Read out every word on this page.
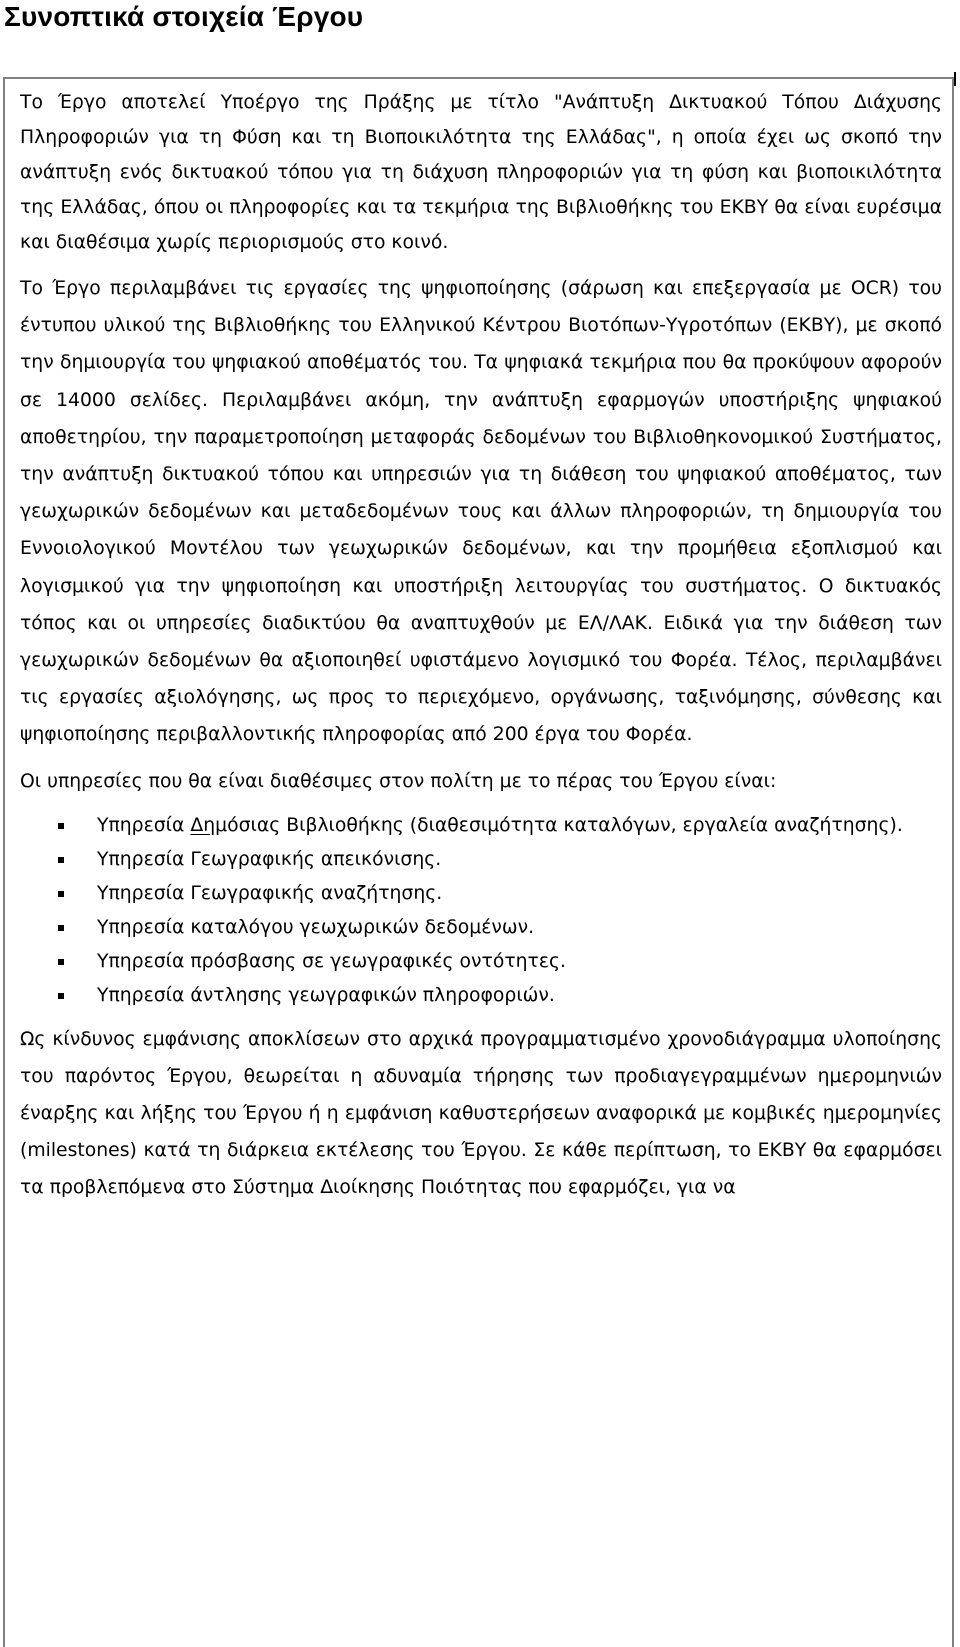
Συνοπτικά στοιχεία Έργου

Το Έργο αποτελεί Υποέργο της Πράξης με τίτλο "Ανάπτυξη Δικτυακού Τόπου Διάχυσης Πληροφοριών για τη Φύση και τη Βιοποικιλότητα της Ελλάδας", η οποία έχει ως σκοπό την ανάπτυξη ενός δικτυακού τόπου για τη διάχυση πληροφοριών για τη φύση και βιοποικιλότητα της Ελλάδας, όπου οι πληροφορίες και τα τεκμήρια της Βιβλιοθήκης του ΕΚΒΥ θα είναι ευρέσιμα και διαθέσιμα χωρίς περιορισμούς στο κοινό.

Το Έργο περιλαμβάνει τις εργασίες της ψηφιοποίησης (σάρωση και επεξεργασία με OCR) του έντυπου υλικού της Βιβλιοθήκης του Ελληνικού Κέντρου Βιοτόπων-Υγροτόπων (ΕΚΒΥ), με σκοπό την δημιουργία του ψηφιακού αποθέματός του. Τα ψηφιακά τεκμήρια που θα προκύψουν αφορούν σε 14000 σελίδες. Περιλαμβάνει ακόμη, την ανάπτυξη εφαρμογών υποστήριξης ψηφιακού αποθετηρίου, την παραμετροποίηση μεταφοράς δεδομένων του Βιβλιοθηκονομικού Συστήματος, την ανάπτυξη δικτυακού τόπου και υπηρεσιών για τη διάθεση του ψηφιακού αποθέματος, των γεωχωρικών δεδομένων και μεταδεδομένων τους και άλλων πληροφοριών, τη δημιουργία του Εννοιολογικού Μοντέλου των γεωχωρικών δεδομένων, και την προμήθεια εξοπλισμού και λογισμικού για την ψηφιοποίηση και υποστήριξη λειτουργίας του συστήματος. Ο δικτυακός τόπος και οι υπηρεσίες διαδικτύου θα αναπτυχθούν με ΕΛ/ΛΑΚ. Ειδικά για την διάθεση των γεωχωρικών δεδομένων θα αξιοποιηθεί υφιστάμενο λογισμικό του Φορέα. Τέλος, περιλαμβάνει τις εργασίες αξιολόγησης, ως προς το περιεχόμενο, οργάνωσης, ταξινόμησης, σύνθεσης και ψηφιοποίησης περιβαλλοντικής πληροφορίας από 200 έργα του Φορέα.

Οι υπηρεσίες που θα είναι διαθέσιμες στον πολίτη με το πέρας του Έργου είναι:

Υπηρεσία Δημόσιας Βιβλιοθήκης (διαθεσιμότητα καταλόγων, εργαλεία αναζήτησης).
Υπηρεσία Γεωγραφικής απεικόνισης.
Υπηρεσία Γεωγραφικής αναζήτησης.
Υπηρεσία καταλόγου γεωχωρικών δεδομένων.
Υπηρεσία πρόσβασης σε γεωγραφικές οντότητες.
Υπηρεσία άντλησης γεωγραφικών πληροφοριών.

Ως κίνδυνος εμφάνισης αποκλίσεων στο αρχικά προγραμματισμένο χρονοδιάγραμμα υλοποίησης του παρόντος Έργου, θεωρείται η αδυναμία τήρησης των προδιαγεγραμμένων ημερομηνιών έναρξης και λήξης του Έργου ή η εμφάνιση καθυστερήσεων αναφορικά με κομβικές ημερομηνίες (milestones) κατά τη διάρκεια εκτέλεσης του Έργου. Σε κάθε περίπτωση, το ΕΚΒΥ θα εφαρμόσει τα προβλεπόμενα στο Σύστημα Διοίκησης Ποιότητας που εφαρμόζει, για να
